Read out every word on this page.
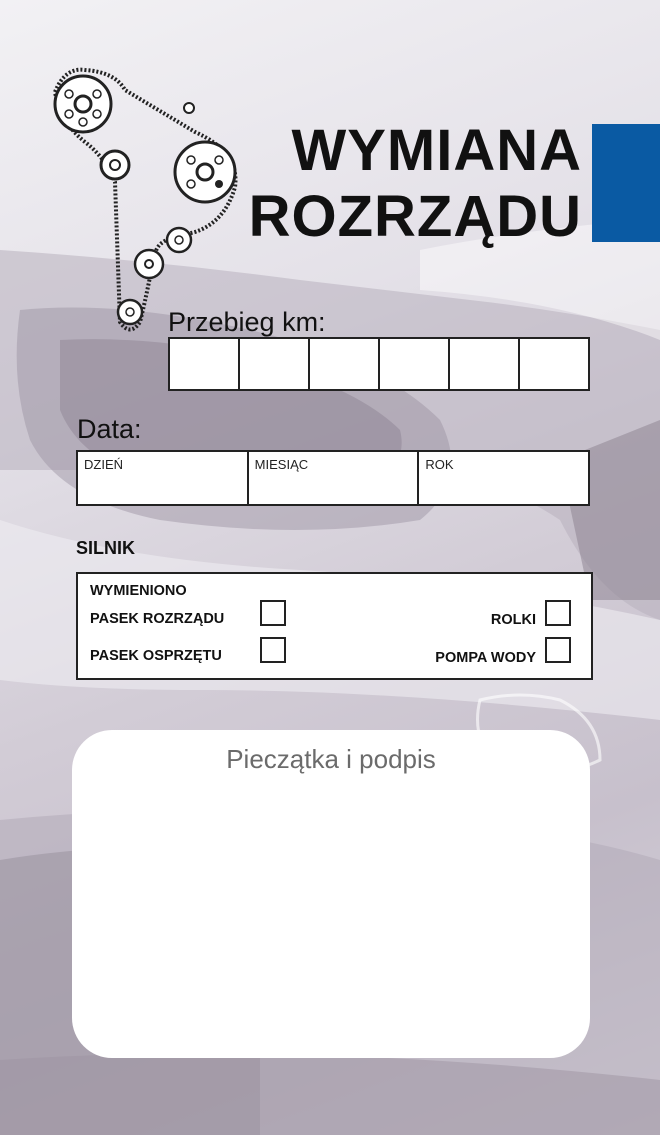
WYMIANA
ROZRZĄDU
Przebieg km:
Data:
DZIEŃ	MIESIĄC	ROK
SILNIK
WYMIENIONO
PASEK ROZRZĄDU
PASEK OSPRZĘTU
ROLKI
POMPA WODY
Pieczątka i podpis
